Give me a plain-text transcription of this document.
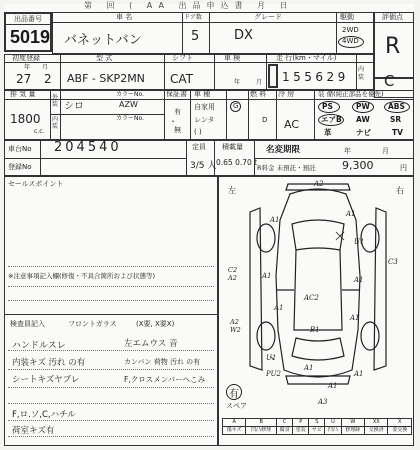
第 回 ( AA 出品申込書 月 日
出品番号
5019
車 名
バネットバン
ドア数
5
グレード
DX
駆動
2WD
4WD
評価点
R
初度登録
年 月
27 2
型 式
ABF - SKP2MN
シフト
CAT
車 検
年	月
走 行(km・マイル)
155629
内装 C
排 気 量
1800
c.c.
外装
内装
シロ
カラーNo.
AZW
カラーNo.
保証書
有
・
無
車 種
自家用
レンタ
( )
G
燃 料
D
冷 房
AC
装 備(純正部品を優先)
PS	PW ABS
エアB AW	SR
革	ナビ	TV
車台No 204540
登録No
定員
3/5 人
積載量
0.65 0.70 t
名変期限	年	月
R料金 未預託・預託 9,300	円
セールスポイント
※注意事項記入欄(修復・不具合箇所および状態等)
検査員記入	フロントガラス	(X要, X要X)
ハンドルスレ	左エムウス 音
内装キズ 汚れ の有	カンバン 荷物 汚れ の有
シートキズヤブレ	F,クロスメンバーへこみ
F,ロ.ソ,C,ハチル
荷室キズ有
左	右
A2
A1
A1
U1
A1	A1
C2 A2
C3
AC2
A1
B1
A2 W2
A1
U1
PU2
A1
A1
A1
A3
有
スペア
A	B	C	P	S	U	W	XX	X
傷キズ	凹凸修理	腐食	塗装	サビ	凹凸	修理跡	交換済	要交換
